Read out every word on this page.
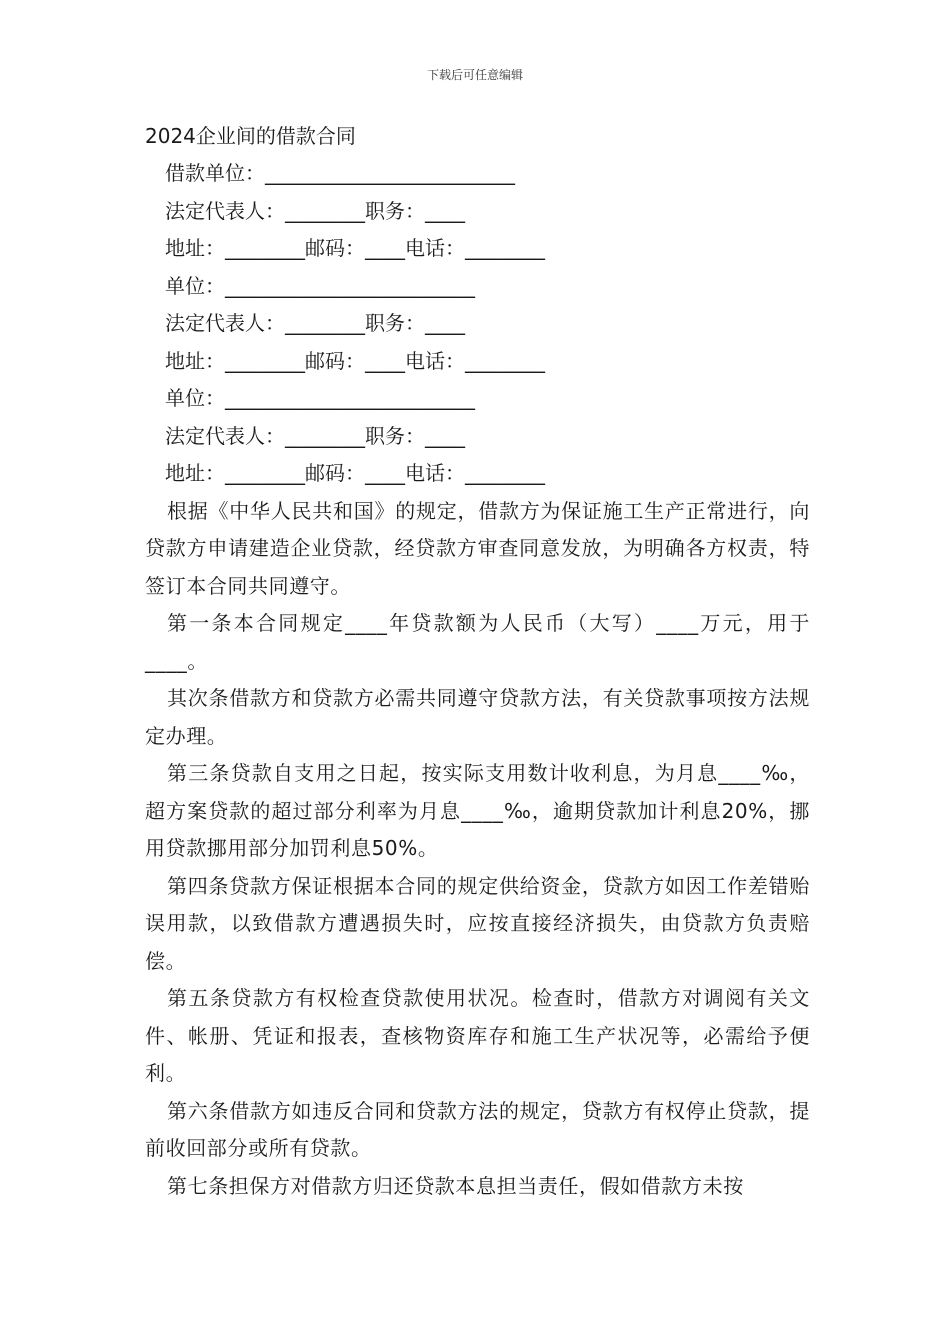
下载后可任意编辑
2024企业间的借款合同
借款单位：_________________________
法定代表人：________职务：____
地址：________邮码：____电话：________
单位：_________________________
法定代表人：________职务：____
地址：________邮码：____电话：________
单位：_________________________
法定代表人：________职务：____
地址：________邮码：____电话：________

根据《中华人民共和国》的规定，借款方为保证施工生产正常进行，向贷款方申请建造企业贷款，经贷款方审查同意发放，为明确各方权责，特签订本合同共同遵守。

第一条本合同规定____年贷款额为人民币（大写）____万元，用于____。

其次条借款方和贷款方必需共同遵守贷款方法，有关贷款事项按方法规定办理。

第三条贷款自支用之日起，按实际支用数计收利息，为月息____‰，超方案贷款的超过部分利率为月息____‰，逾期贷款加计利息20%，挪用贷款挪用部分加罚利息50%。

第四条贷款方保证根据本合同的规定供给资金，贷款方如因工作差错贻误用款，以致借款方遭遇损失时，应按直接经济损失，由贷款方负责赔偿。

第五条贷款方有权检查贷款使用状况。检查时，借款方对调阅有关文件、帐册、凭证和报表，查核物资库存和施工生产状况等，必需给予便利。

第六条借款方如违反合同和贷款方法的规定，贷款方有权停止贷款，提前收回部分或所有贷款。

第七条担保方对借款方归还贷款本息担当责任，假如借款方未按
